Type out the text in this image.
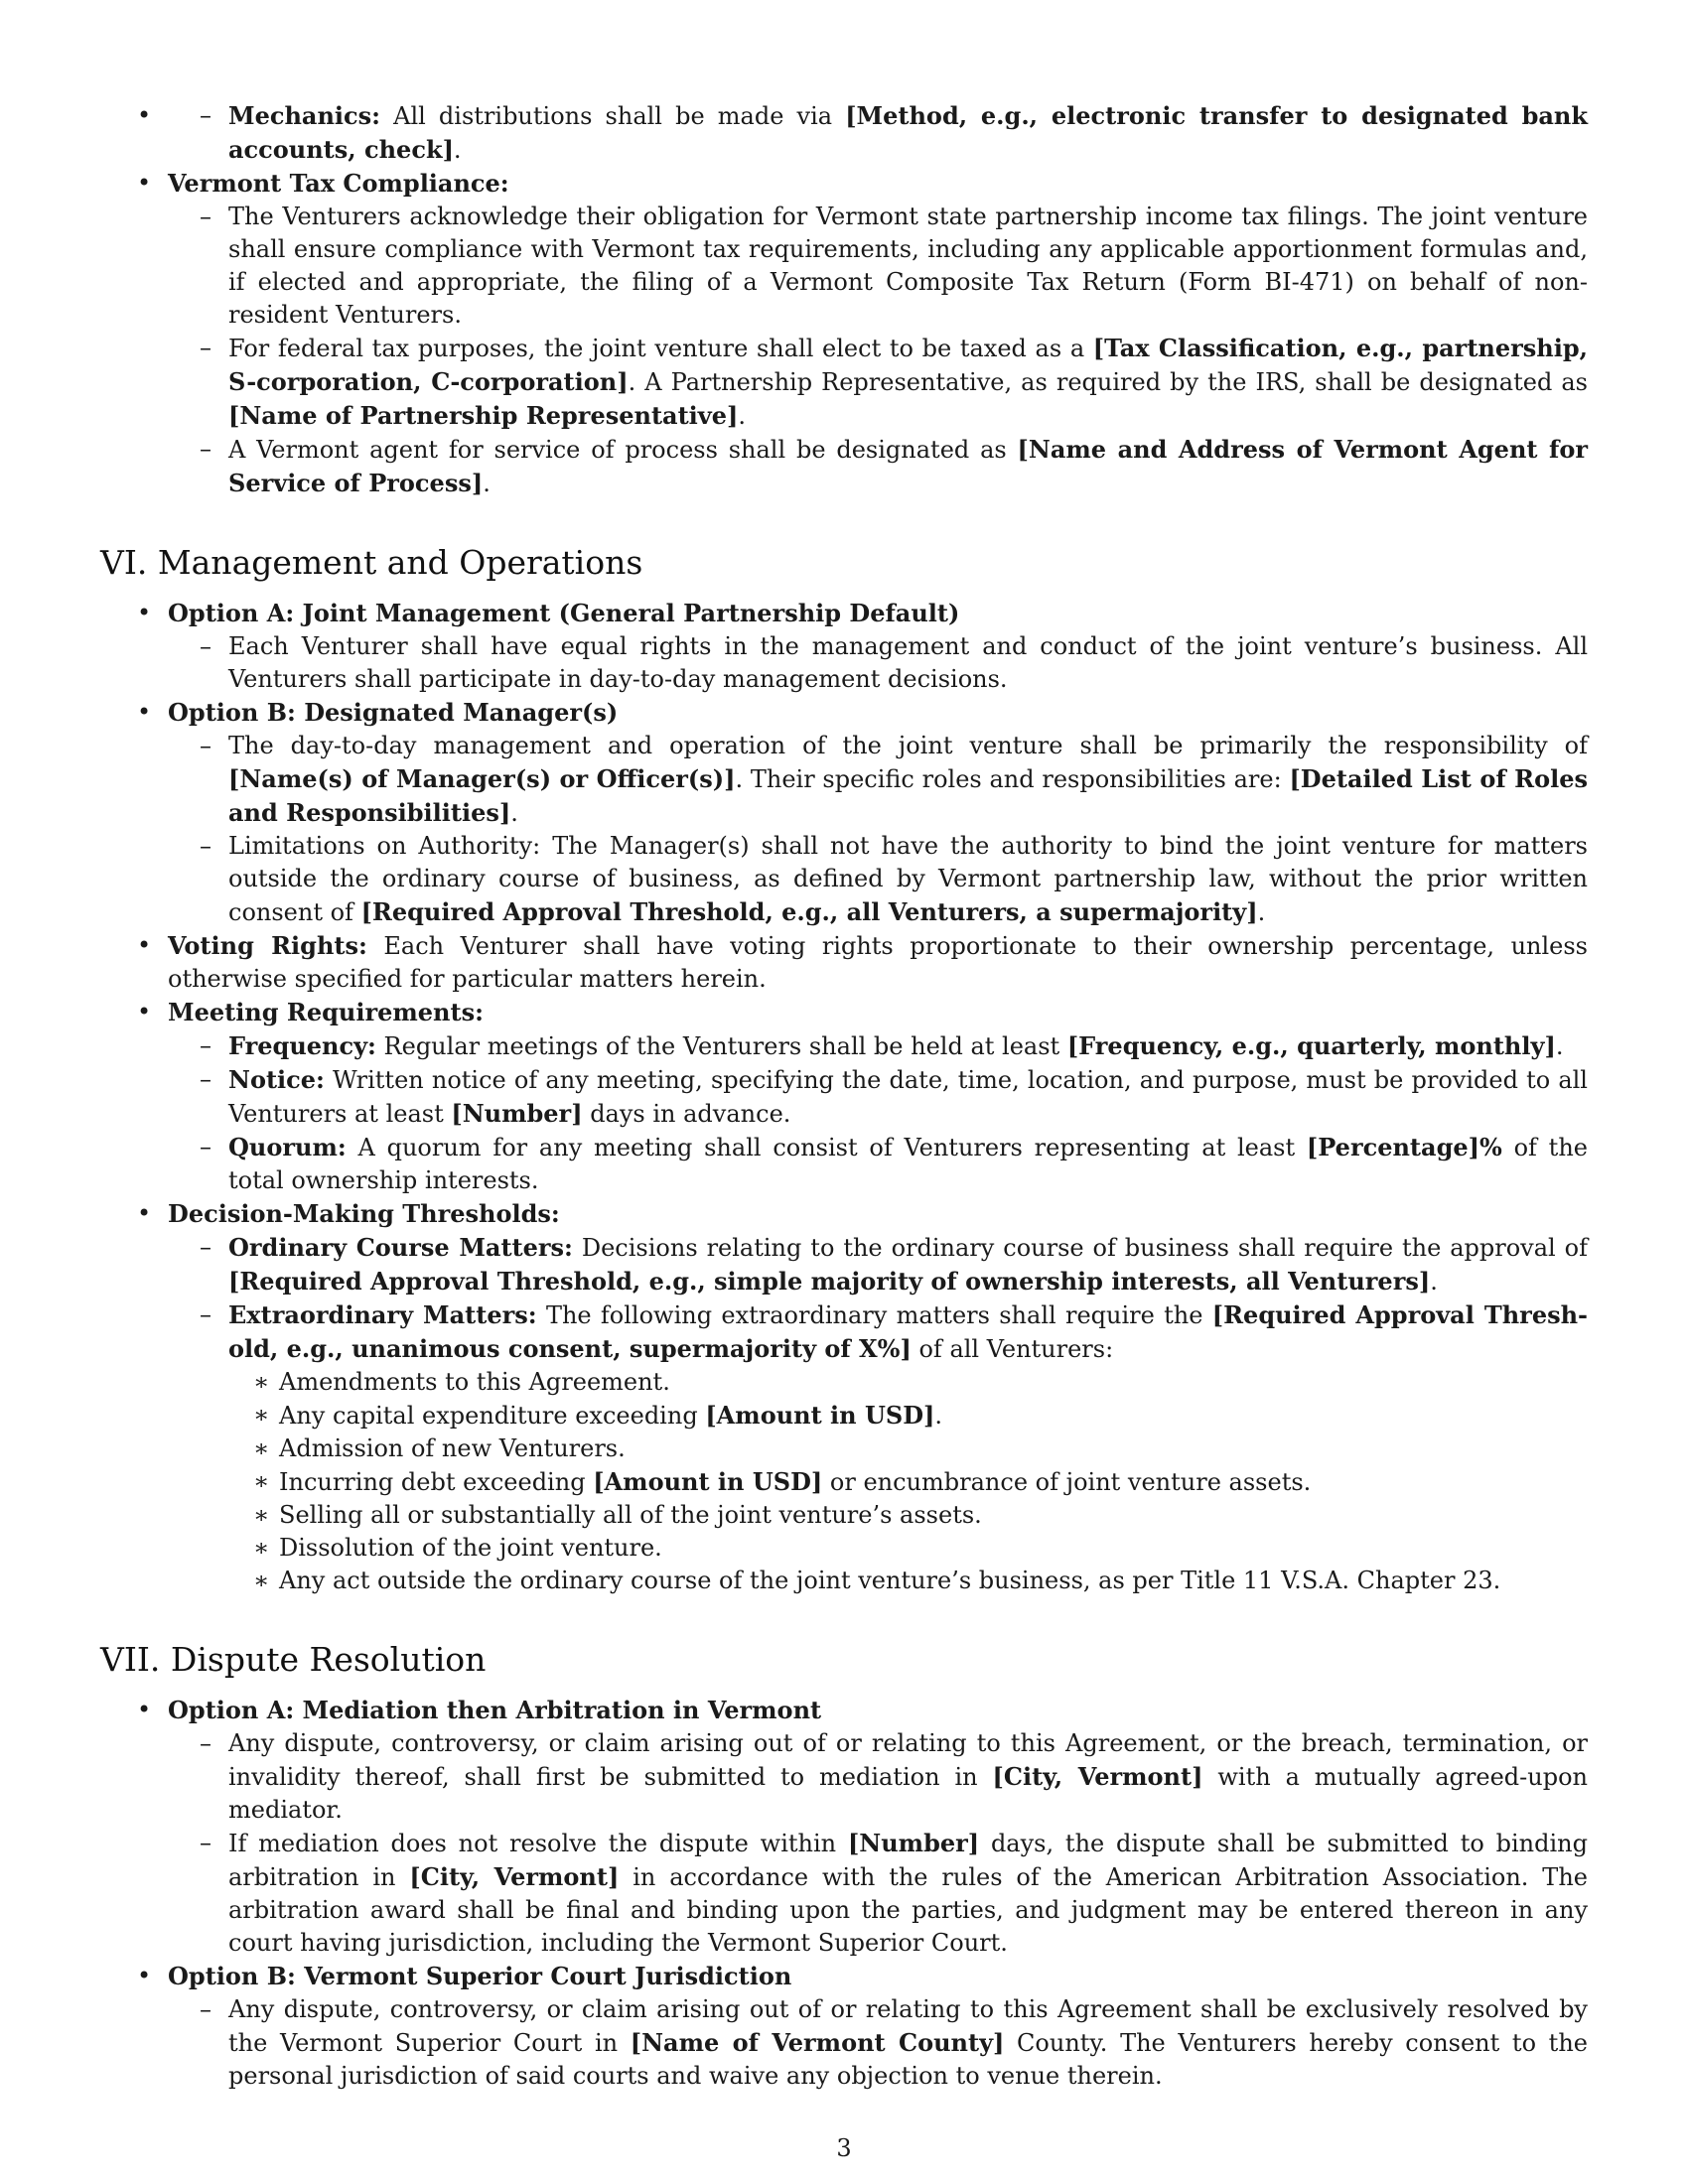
– • Mechanics: All distributions shall be made via [Method, e.g., electronic transfer to designated bank accounts, check].
• Vermont Tax Compliance:
– The Venturers acknowledge their obligation for Vermont state partnership income tax filings. The joint venture shall ensure compliance with Vermont tax requirements, including any applicable apportionment formulas and, if elected and appropriate, the filing of a Vermont Composite Tax Return (Form BI-471) on behalf of non-resident Venturers.
– For federal tax purposes, the joint venture shall elect to be taxed as a [Tax Classification, e.g., partnership, S-corporation, C-corporation]. A Partnership Representative, as required by the IRS, shall be designated as [Name of Partnership Representative].
– A Vermont agent for service of process shall be designated as [Name and Address of Vermont Agent for Service of Process].
VI. Management and Operations
• Option A: Joint Management (General Partnership Default)
– Each Venturer shall have equal rights in the management and conduct of the joint venture’s business. All Venturers shall participate in day-to-day management decisions.
• Option B: Designated Manager(s)
– The day-to-day management and operation of the joint venture shall be primarily the responsibility of [Name(s) of Manager(s) or Officer(s)]. Their specific roles and responsibilities are: [Detailed List of Roles and Responsibilities].
– Limitations on Authority: The Manager(s) shall not have the authority to bind the joint venture for matters outside the ordinary course of business, as defined by Vermont partnership law, without the prior written consent of [Required Approval Threshold, e.g., all Venturers, a supermajority].
• Voting Rights: Each Venturer shall have voting rights proportionate to their ownership percentage, unless otherwise specified for particular matters herein.
• Meeting Requirements:
– Frequency: Regular meetings of the Venturers shall be held at least [Frequency, e.g., quarterly, monthly].
– Notice: Written notice of any meeting, specifying the date, time, location, and purpose, must be provided to all Venturers at least [Number] days in advance.
– Quorum: A quorum for any meeting shall consist of Venturers representing at least [Percentage]% of the total ownership interests.
• Decision-Making Thresholds:
– Ordinary Course Matters: Decisions relating to the ordinary course of business shall require the approval of [Required Approval Threshold, e.g., simple majority of ownership interests, all Venturers].
– Extraordinary Matters: The following extraordinary matters shall require the [Required Approval Thresh-old, e.g., unanimous consent, supermajority of X%] of all Venturers:
∗ Amendments to this Agreement.
∗ Any capital expenditure exceeding [Amount in USD].
∗ Admission of new Venturers.
∗ Incurring debt exceeding [Amount in USD] or encumbrance of joint venture assets.
∗ Selling all or substantially all of the joint venture’s assets.
∗ Dissolution of the joint venture.
∗ Any act outside the ordinary course of the joint venture’s business, as per Title 11 V.S.A. Chapter 23.
VII. Dispute Resolution
• Option A: Mediation then Arbitration in Vermont
– Any dispute, controversy, or claim arising out of or relating to this Agreement, or the breach, termination, or invalidity thereof, shall first be submitted to mediation in [City, Vermont] with a mutually agreed-upon mediator.
– If mediation does not resolve the dispute within [Number] days, the dispute shall be submitted to binding arbitration in [City, Vermont] in accordance with the rules of the American Arbitration Association. The arbitration award shall be final and binding upon the parties, and judgment may be entered thereon in any court having jurisdiction, including the Vermont Superior Court.
• Option B: Vermont Superior Court Jurisdiction
– Any dispute, controversy, or claim arising out of or relating to this Agreement shall be exclusively resolved by the Vermont Superior Court in [Name of Vermont County] County. The Venturers hereby consent to the personal jurisdiction of said courts and waive any objection to venue therein.
3
